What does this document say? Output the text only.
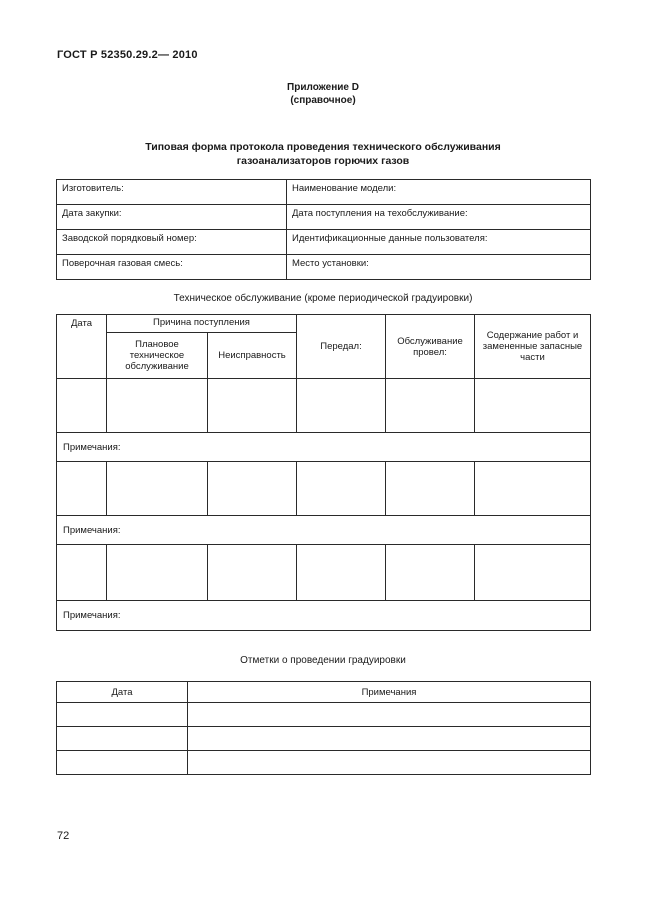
ГОСТ Р 52350.29.2— 2010
Приложение D
(справочное)
Типовая форма протокола проведения технического обслуживания
газоанализаторов горючих газов
Изготовитель:	Наименование модели:
Дата закупки:	Дата поступления на техобслуживание:
Заводской порядковый номер:	Идентификационные данные пользователя:
Поверочная газовая смесь:	Место установки:
Техническое обслуживание (кроме периодической градуировки)
Дата	Причина поступления		Передал:	Обслуживание провел:	Содержание работ и замененные запасные части
	Плановое техническое обслуживание	Неисправность			

Примечания:					

Примечания:					

Примечания:					
Отметки о проведении градуировки
Дата	Примечания

72
